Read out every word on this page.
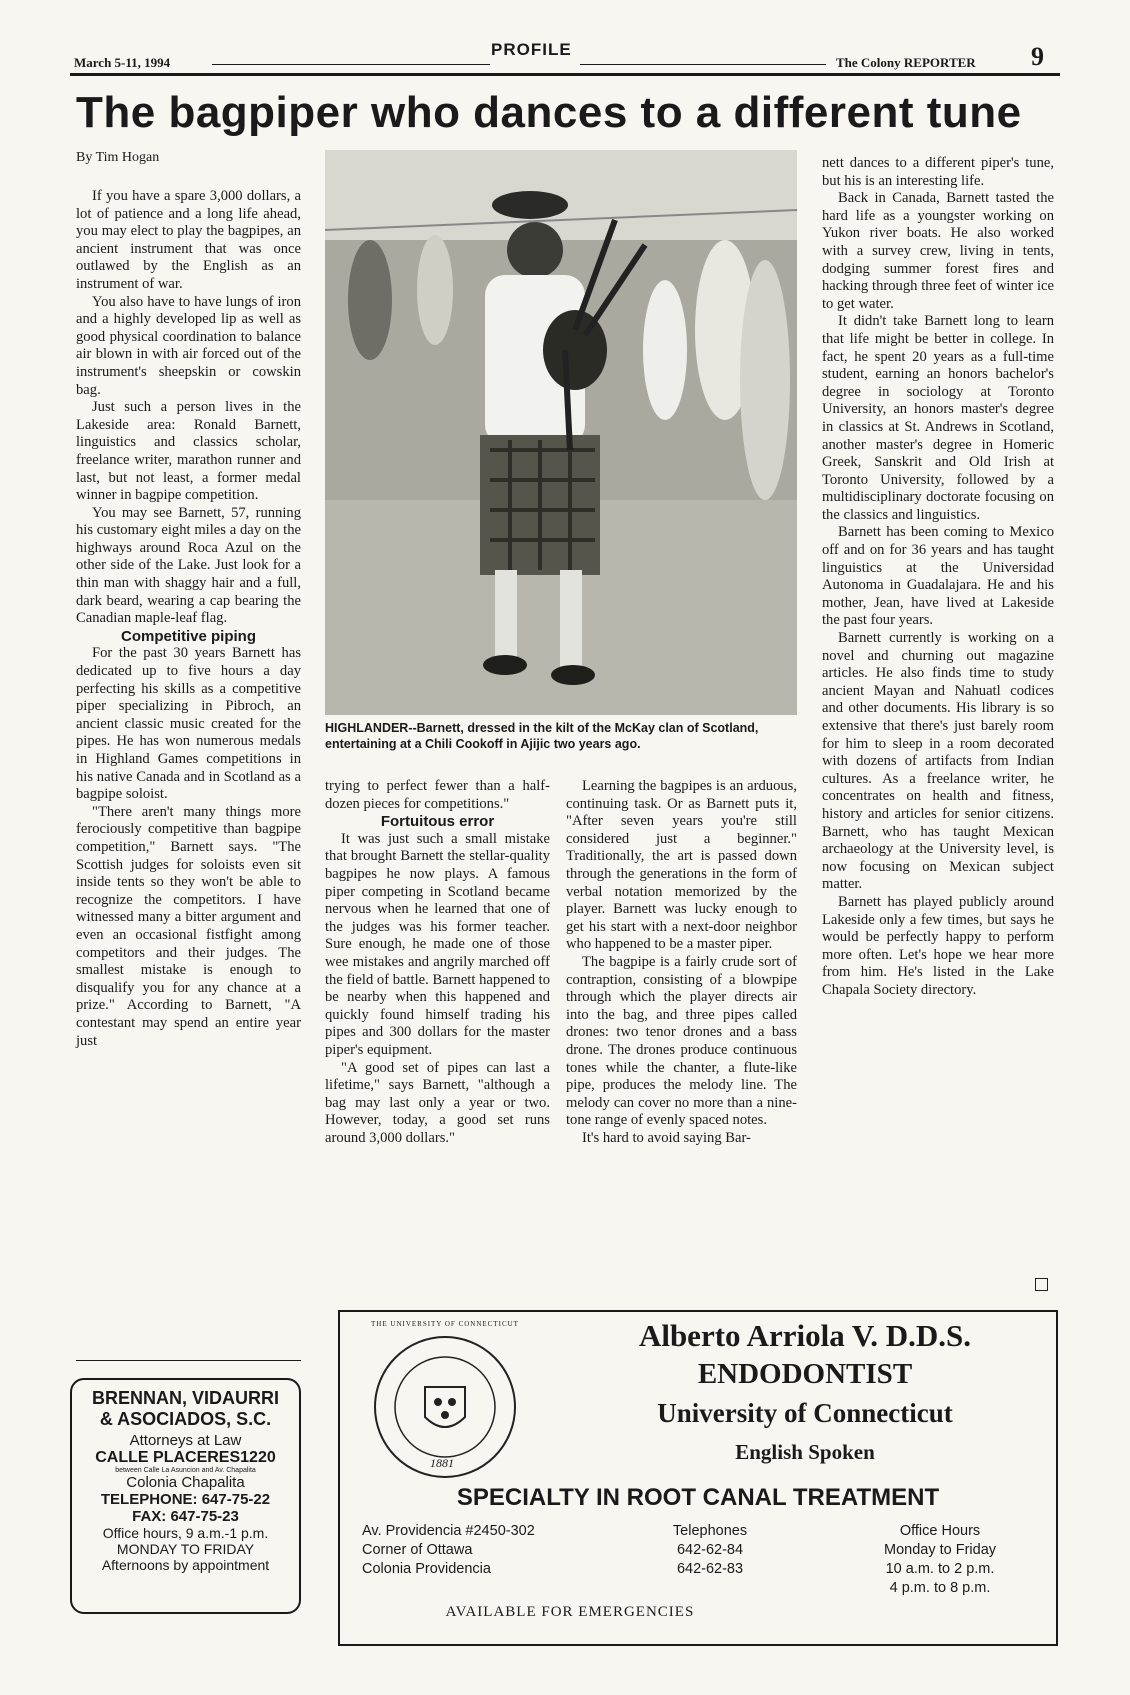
March 5-11, 1994
PROFILE
The Colony REPORTER 9
The bagpiper who dances to a different tune
By Tim Hogan

If you have a spare 3,000 dollars, a lot of patience and a long life ahead, you may elect to play the bagpipes, an ancient instrument that was once outlawed by the English as an instrument of war.

You also have to have lungs of iron and a highly developed lip as well as good physical coordination to balance air blown in with air forced out of the instrument's sheepskin or cowskin bag.

Just such a person lives in the Lakeside area: Ronald Barnett, linguistics and classics scholar, freelance writer, marathon runner and last, but not least, a former medal winner in bagpipe competition.

You may see Barnett, 57, running his customary eight miles a day on the highways around Roca Azul on the other side of the Lake. Just look for a thin man with shaggy hair and a full, dark beard, wearing a cap bearing the Canadian maple-leaf flag.

Competitive piping

For the past 30 years Barnett has dedicated up to five hours a day perfecting his skills as a competitive piper specializing in Pibroch, an ancient classic music created for the pipes. He has won numerous medals in Highland Games competitions in his native Canada and in Scotland as a bagpipe soloist.

"There aren't many things more ferociously competitive than bagpipe competition," Barnett says. "The Scottish judges for soloists even sit inside tents so they won't be able to recognize the competitors. I have witnessed many a bitter argument and even an occasional fistfight among competitors and their judges. The smallest mistake is enough to disqualify you for any chance at a prize." According to Barnett, "A contestant may spend an entire year just

HIGHLANDER--Barnett, dressed in the kilt of the McKay clan of Scotland, entertaining at a Chili Cookoff in Ajijic two years ago.

trying to perfect fewer than a half-dozen pieces for competitions."

Fortuitous error

It was just such a small mistake that brought Barnett the stellar-quality bagpipes he now plays. A famous piper competing in Scotland became nervous when he learned that one of the judges was his former teacher. Sure enough, he made one of those wee mistakes and angrily marched off the field of battle. Barnett happened to be nearby when this happened and quickly found himself trading his pipes and 300 dollars for the master piper's equipment.

"A good set of pipes can last a lifetime," says Barnett, "although a bag may last only a year or two. However, today, a good set runs around 3,000 dollars."

Learning the bagpipes is an arduous, continuing task. Or as Barnett puts it, "After seven years you're still considered just a beginner." Traditionally, the art is passed down through the generations in the form of verbal notation memorized by the player. Barnett was lucky enough to get his start with a next-door neighbor who happened to be a master piper.

The bagpipe is a fairly crude sort of contraption, consisting of a blowpipe through which the player directs air into the bag, and three pipes called drones: two tenor drones and a bass drone. The drones produce continuous tones while the chanter, a flute-like pipe, produces the melody line. The melody can cover no more than a nine-tone range of evenly spaced notes.

It's hard to avoid saying Bar-

nett dances to a different piper's tune, but his is an interesting life.

Back in Canada, Barnett tasted the hard life as a youngster working on Yukon river boats. He also worked with a survey crew, living in tents, dodging summer forest fires and hacking through three feet of winter ice to get water.

It didn't take Barnett long to learn that life might be better in college. In fact, he spent 20 years as a full-time student, earning an honors bachelor's degree in sociology at Toronto University, an honors master's degree in classics at St. Andrews in Scotland, another master's degree in Homeric Greek, Sanskrit and Old Irish at Toronto University, followed by a multidisciplinary doctorate focusing on the classics and linguistics.

Barnett has been coming to Mexico off and on for 36 years and has taught linguistics at the Universidad Autonoma in Guadalajara. He and his mother, Jean, have lived at Lakeside the past four years.

Barnett currently is working on a novel and churning out magazine articles. He also finds time to study ancient Mayan and Nahuatl codices and other documents. His library is so extensive that there's just barely room for him to sleep in a room decorated with dozens of artifacts from Indian cultures. As a freelance writer, he concentrates on health and fitness, history and articles for senior citizens. Barnett, who has taught Mexican archaeology at the University level, is now focusing on Mexican subject matter.

Barnett has played publicly around Lakeside only a few times, but says he would be perfectly happy to perform more often. Let's hope we hear more from him. He's listed in the Lake Chapala Society directory.

BRENNAN, VIDAURRI
& ASOCIADOS, S.C.
Attorneys at Law
CALLE PLACERES1220
between Calle La Asuncion and Av. Chapalita
Colonia Chapalita
TELEPHONE: 647-75-22
FAX: 647-75-23
Office hours, 9 a.m.-1 p.m.
MONDAY TO FRIDAY
Afternoons by appointment
THE UNIVERSITY OF CONNECTICUT
1881
Alberto Arriola V. D.D.S.
ENDODONTIST
University of Connecticut
English Spoken
SPECIALTY IN ROOT CANAL TREATMENT
Av. Providencia #2450-302
Corner of Ottawa
Colonia Providencia
Telephones
642-62-84
642-62-83
Office Hours
Monday to Friday
10 a.m. to 2 p.m.
4 p.m. to 8 p.m.
AVAILABLE FOR EMERGENCIES
